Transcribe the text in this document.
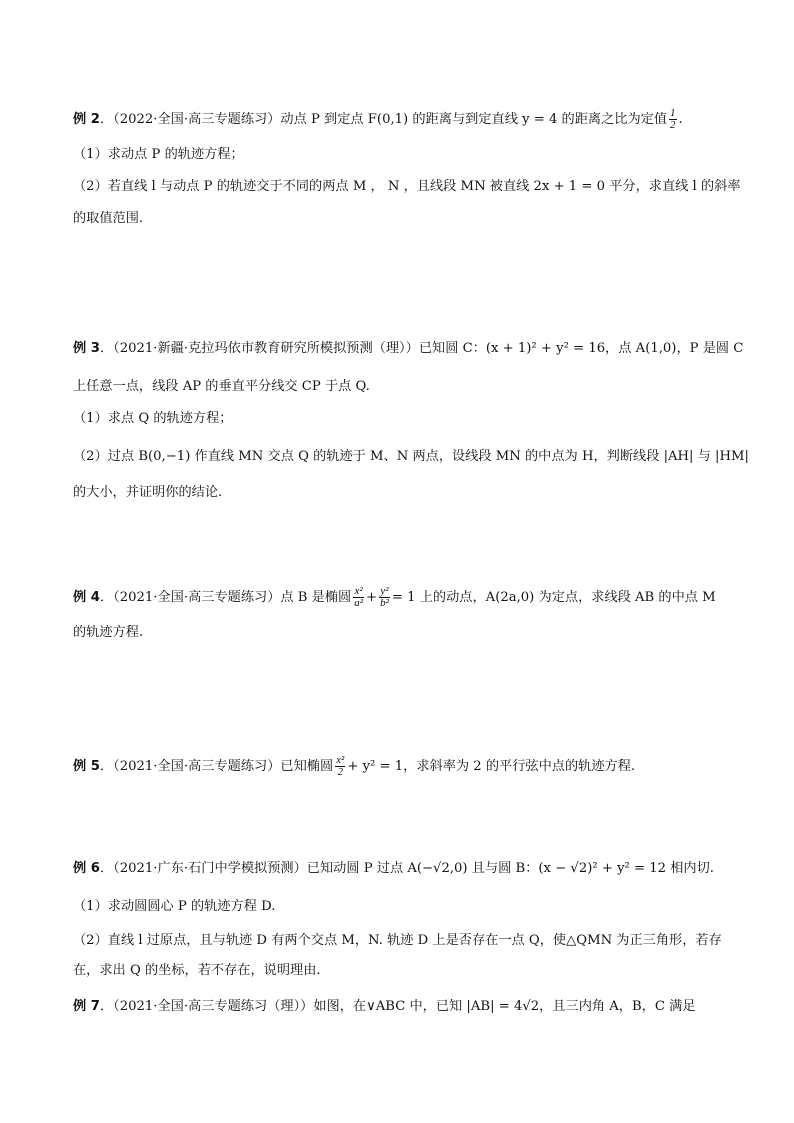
例 2．（2022·全国·高三专题练习）动点 P 到定点 F(0,1) 的距离与到定直线 y = 4 的距离之比为定值 $\frac{1}{2}$ .
（1）求动点 P 的轨迹方程；
（2）若直线 l 与动点 P 的轨迹交于不同的两点 M ， N ，且线段 MN 被直线 2x + 1 = 0 平分，求直线 l 的斜率
的取值范围.
例 3．（2021·新疆·克拉玛依市教育研究所模拟预测（理））已知圆 C：(x + 1)² + y² = 16，点 A(1,0)，P 是圆 C
上任意一点，线段 AP 的垂直平分线交 CP 于点 Q.
（1）求点 Q 的轨迹方程；
（2）过点 B(0,−1) 作直线 MN 交点 Q 的轨迹于 M、N 两点，设线段 MN 的中点为 H，判断线段 |AH| 与 |HM|
的大小，并证明你的结论.
例 4．（2021·全国·高三专题练习）点 B 是椭圆 $\frac{\text{x²}}{\text{a²}} + \frac{\text{y²}}{\text{b²}} = 1$ 上的动点，A(2a,0) 为定点，求线段 AB 的中点 M
的轨迹方程.
例 5．（2021·全国·高三专题练习）已知椭圆 $\frac{\text{x²}}{2} + y^2 = 1$，求斜率为 2 的平行弦中点的轨迹方程.
例 6．（2021·广东·石门中学模拟预测）已知动圆 P 过点 A(−√2,0) 且与圆 B：(x − √2)² + y² = 12 相内切.
（1）求动圆圆心 P 的轨迹方程 D.
（2）直线 l 过原点，且与轨迹 D 有两个交点 M，N. 轨迹 D 上是否存在一点 Q，使△QMN 为正三角形，若存
在，求出 Q 的坐标，若不存在，说明理由.
例 7．（2021·全国·高三专题练习（理））如图，在∨ABC 中，已知 |AB| = 4√2，且三内角 A，B，C 满足
